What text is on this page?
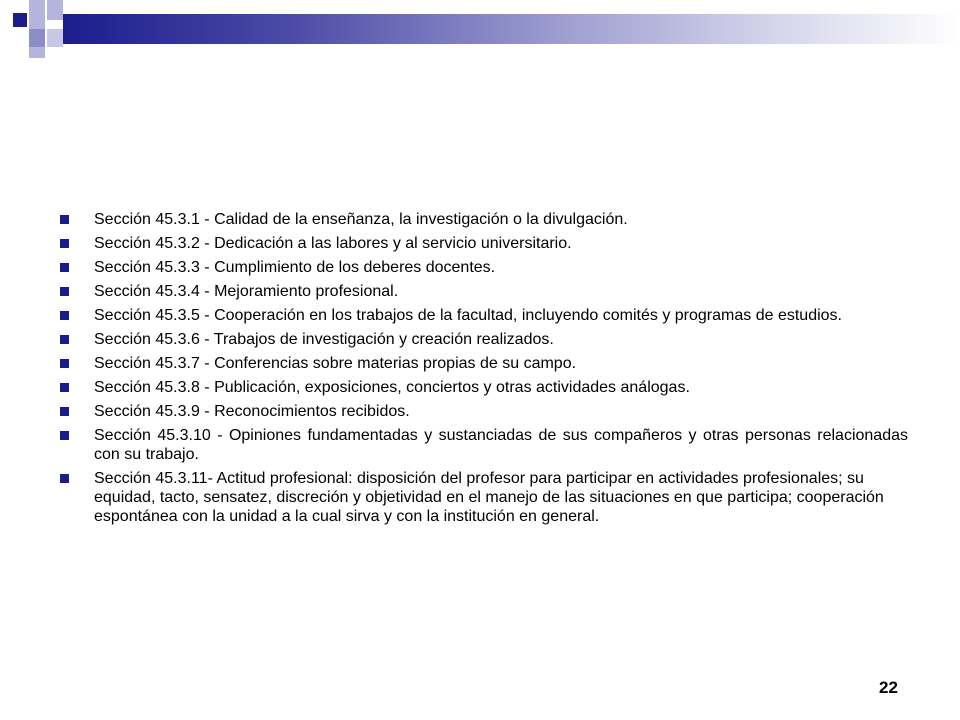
Sección 45.3.1 - Calidad de la enseñanza, la investigación o la divulgación.
Sección 45.3.2 - Dedicación a las labores y al servicio universitario.
Sección 45.3.3 - Cumplimiento de los deberes docentes.
Sección 45.3.4 - Mejoramiento profesional.
Sección 45.3.5 - Cooperación en los trabajos de la facultad, incluyendo comités y programas de estudios.
Sección 45.3.6 - Trabajos de investigación y creación realizados.
Sección 45.3.7 - Conferencias sobre materias propias de su campo.
Sección 45.3.8 - Publicación, exposiciones, conciertos y otras actividades análogas.
Sección 45.3.9 - Reconocimientos recibidos.
Sección 45.3.10 - Opiniones fundamentadas y sustanciadas de sus compañeros y otras personas relacionadas con su trabajo.
Sección 45.3.11- Actitud profesional: disposición del profesor para participar en actividades profesionales; su equidad, tacto, sensatez, discreción y objetividad en el manejo de las situaciones en que participa; cooperación espontánea con la unidad a la cual sirva y con la institución en general.
22
